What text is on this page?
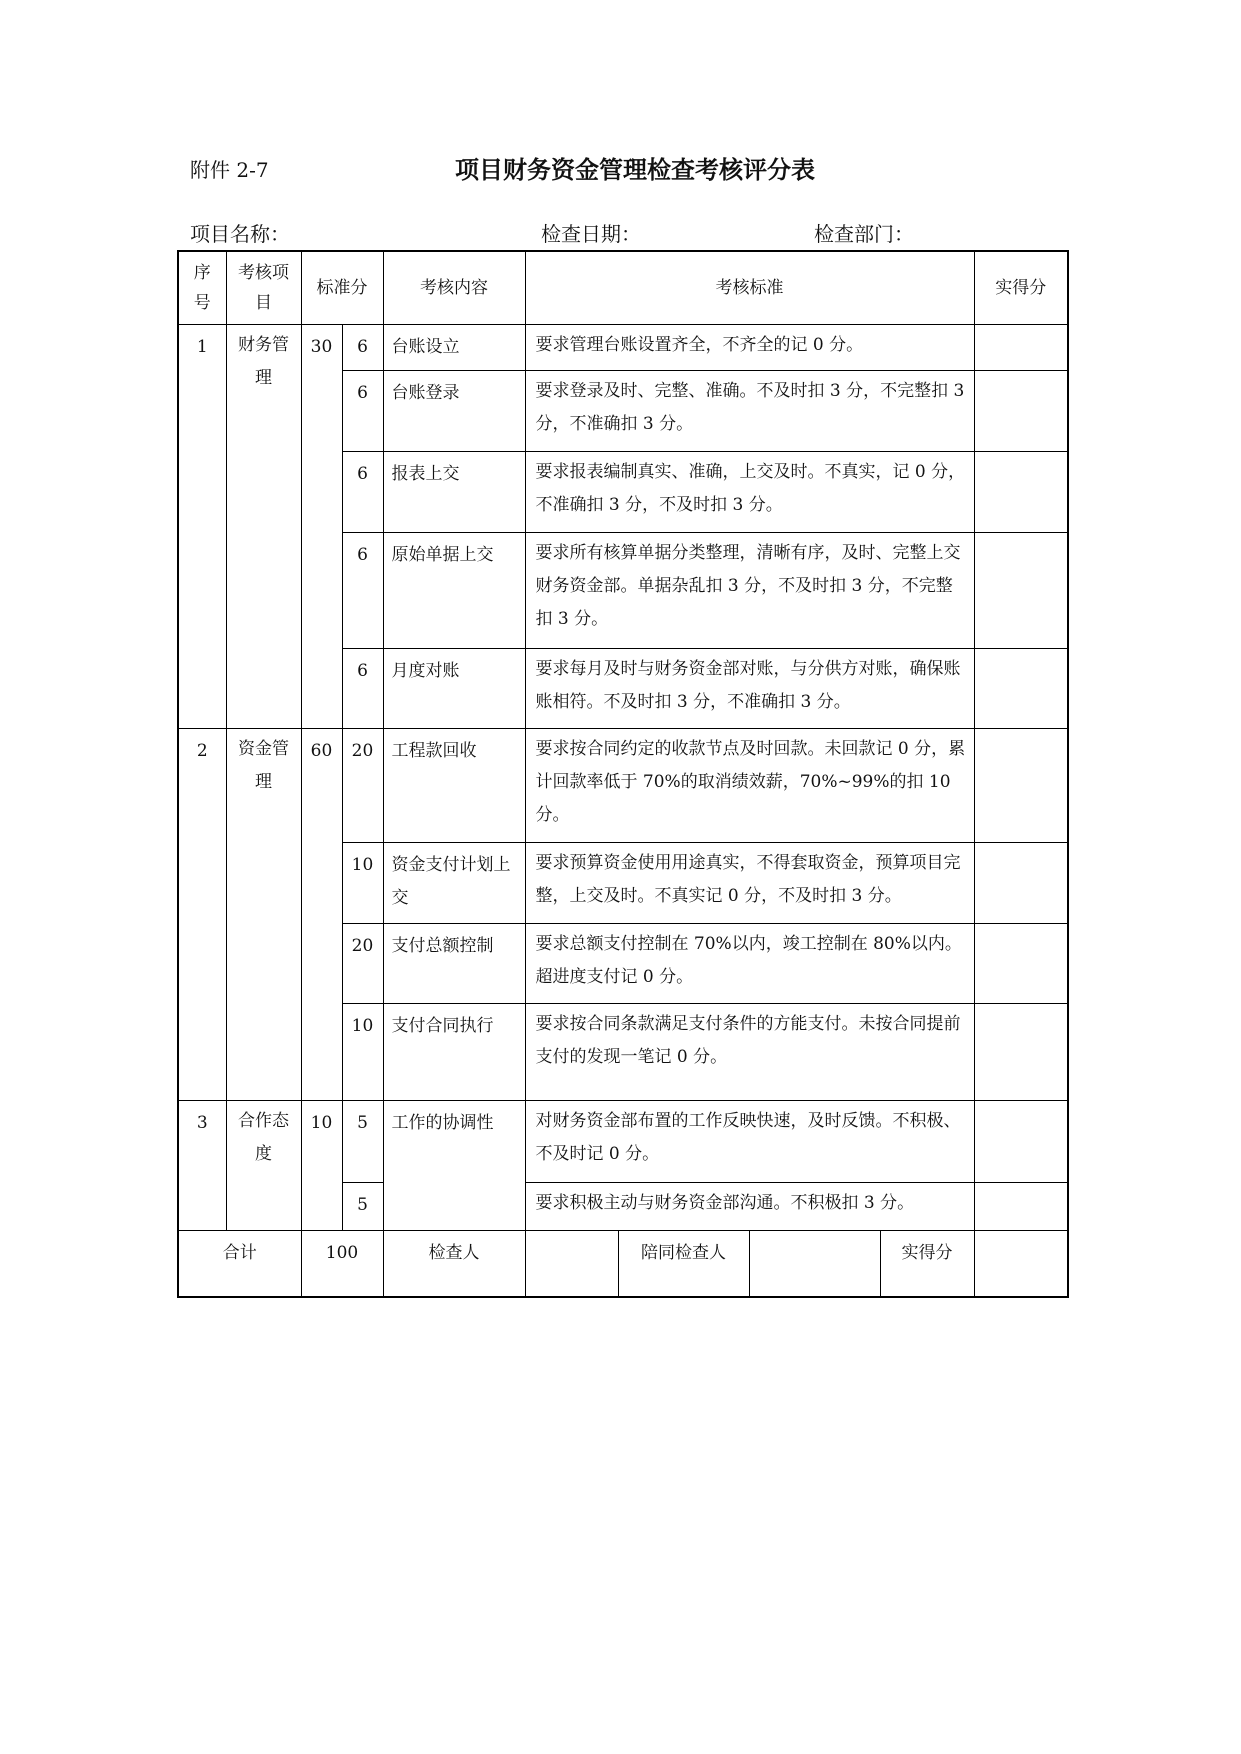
附件 2-7	项目财务资金管理检查考核评分表
项目名称：	检查日期：	检查部门：
序号	考核项目	标准分		考核内容	考核标准				实得分
1	财务管理	30	6	台账设立	要求管理台账设置齐全，不齐全的记 0 分。				
			6	台账登录	要求登录及时、完整、准确。不及时扣 3 分，不完整扣 3 分，不准确扣 3 分。				
			6	报表上交	要求报表编制真实、准确，上交及时。不真实，记 0 分，不准确扣 3 分，不及时扣 3 分。				
			6	原始单据上交	要求所有核算单据分类整理，清晰有序，及时、完整上交财务资金部。单据杂乱扣 3 分，不及时扣 3 分，不完整扣 3 分。				
			6	月度对账	要求每月及时与财务资金部对账，与分供方对账，确保账账相符。不及时扣 3 分，不准确扣 3 分。				
2	资金管理	60	20	工程款回收	要求按合同约定的收款节点及时回款。未回款记 0 分，累计回款率低于 70%的取消绩效薪，70%~99%的扣 10 分。				
			10	资金支付计划上交	要求预算资金使用用途真实，不得套取资金，预算项目完整，上交及时。不真实记 0 分，不及时扣 3 分。				
			20	支付总额控制	要求总额支付控制在 70%以内，竣工控制在 80%以内。超进度支付记 0 分。				
			10	支付合同执行	要求按合同条款满足支付条件的方能支付。未按合同提前支付的发现一笔记 0 分。				
3	合作态度	10	5	工作的协调性	对财务资金部布置的工作反映快速，及时反馈。不积极、不及时记 0 分。				
			5		要求积极主动与财务资金部沟通。不积极扣 3 分。				
合计		100		检查人		陪同检查人		实得分	
